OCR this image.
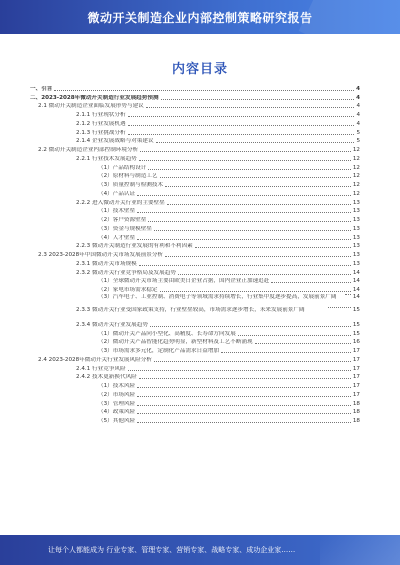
微动开关制造企业内部控制策略研究报告
内容目录
一、引言	4
二、2023-2028年微动开关制造行业发展趋势预测	4
2.1 微动开关制造企业面临发展形势与建议	4
2.1.1 行业现状分析	4
2.1.2 行业发展机遇	4
2.1.3 行业挑战分析	5
2.1.4 企业发展战略与对策建议	5
2.2 微动开关制造企业内部控制环境分析	12
2.2.1 行业技术发展趋势	12
（1）产品结构设计	12
（2）原材料与制造工艺	12
（3）质量控制与检测技术	12
（4）产品认证	12
2.2.2 进入微动开关行业的主要壁垒	13
（1）技术壁垒	13
（2）客户资源壁垒	13
（3）资金与规模壁垒	13
（4）人才壁垒	13
2.2.3 微动开关制造行业发展的有利和不利因素	13
2.3 2023-2028年中国微动开关市场发展前景分析	13
2.3.1 微动开关市场规模	13
2.3.2 微动开关行业竞争格局及发展趋势	14
（1）全球微动开关市场主要由欧美日企业占据，国内企业正加速追赶	14
（2）家电市场需求稳定	14
（3）汽车电子、工业控制、消费电子等领域需求持续增长，行业集中度逐步提高，发展前景广阔	14
2.3.3 微动开关行业受国家政策支持，行业壁垒较高，市场需求逐步增长，未来发展前景广阔	15
2.3.4 微动开关行业发展趋势	15
（1）微动开关产品向小型化、高精度、长寿命方向发展	15
（2）微动开关产品智能化趋势明显，新型材料及工艺不断涌现	16
（3）市场需求多元化，定制化产品需求日益增加	17
2.4 2023-2028年微动开关行业发展风险分析	17
2.4.1 行业竞争风险	17
2.4.2 技术更新换代风险	17
（1）技术风险	17
（2）市场风险	17
（3）管理风险	18
（4）政策风险	18
（5）其他风险	18
让每个人都能成为 行业专家、管理专家、营销专家、战略专家、成功企业家……
